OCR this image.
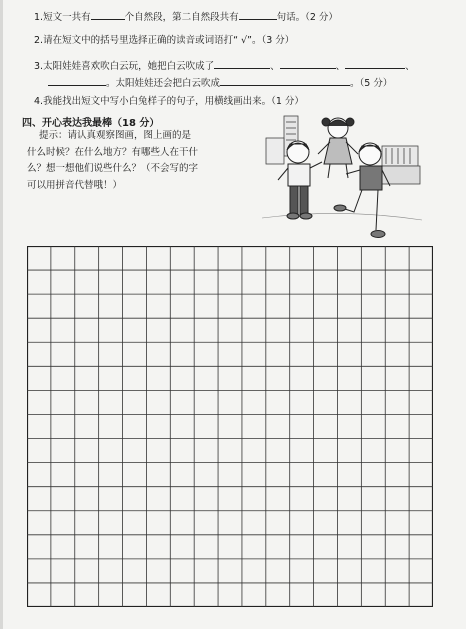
1.短文一共有	个自然段，第二自然段共有	句话。（2 分）
2.请在短文中的括号里选择正确的读音或词语打“ √”。（3 分）
3.太阳娃娃喜欢吹白云玩，她把白云吹成了	、	、	、
。太阳娃娃还会把白云吹成	。（5 分）
4.我能找出短文中写小白兔样子的句子，用横线画出来。（1 分）
四、开心表达我最棒（18 分）
提示：请认真观察图画，图上画的是
什么时候？在什么地方？有哪些人在干什
么？想一想他们说些什么？（不会写的字
可以用拼音代替哦！）
